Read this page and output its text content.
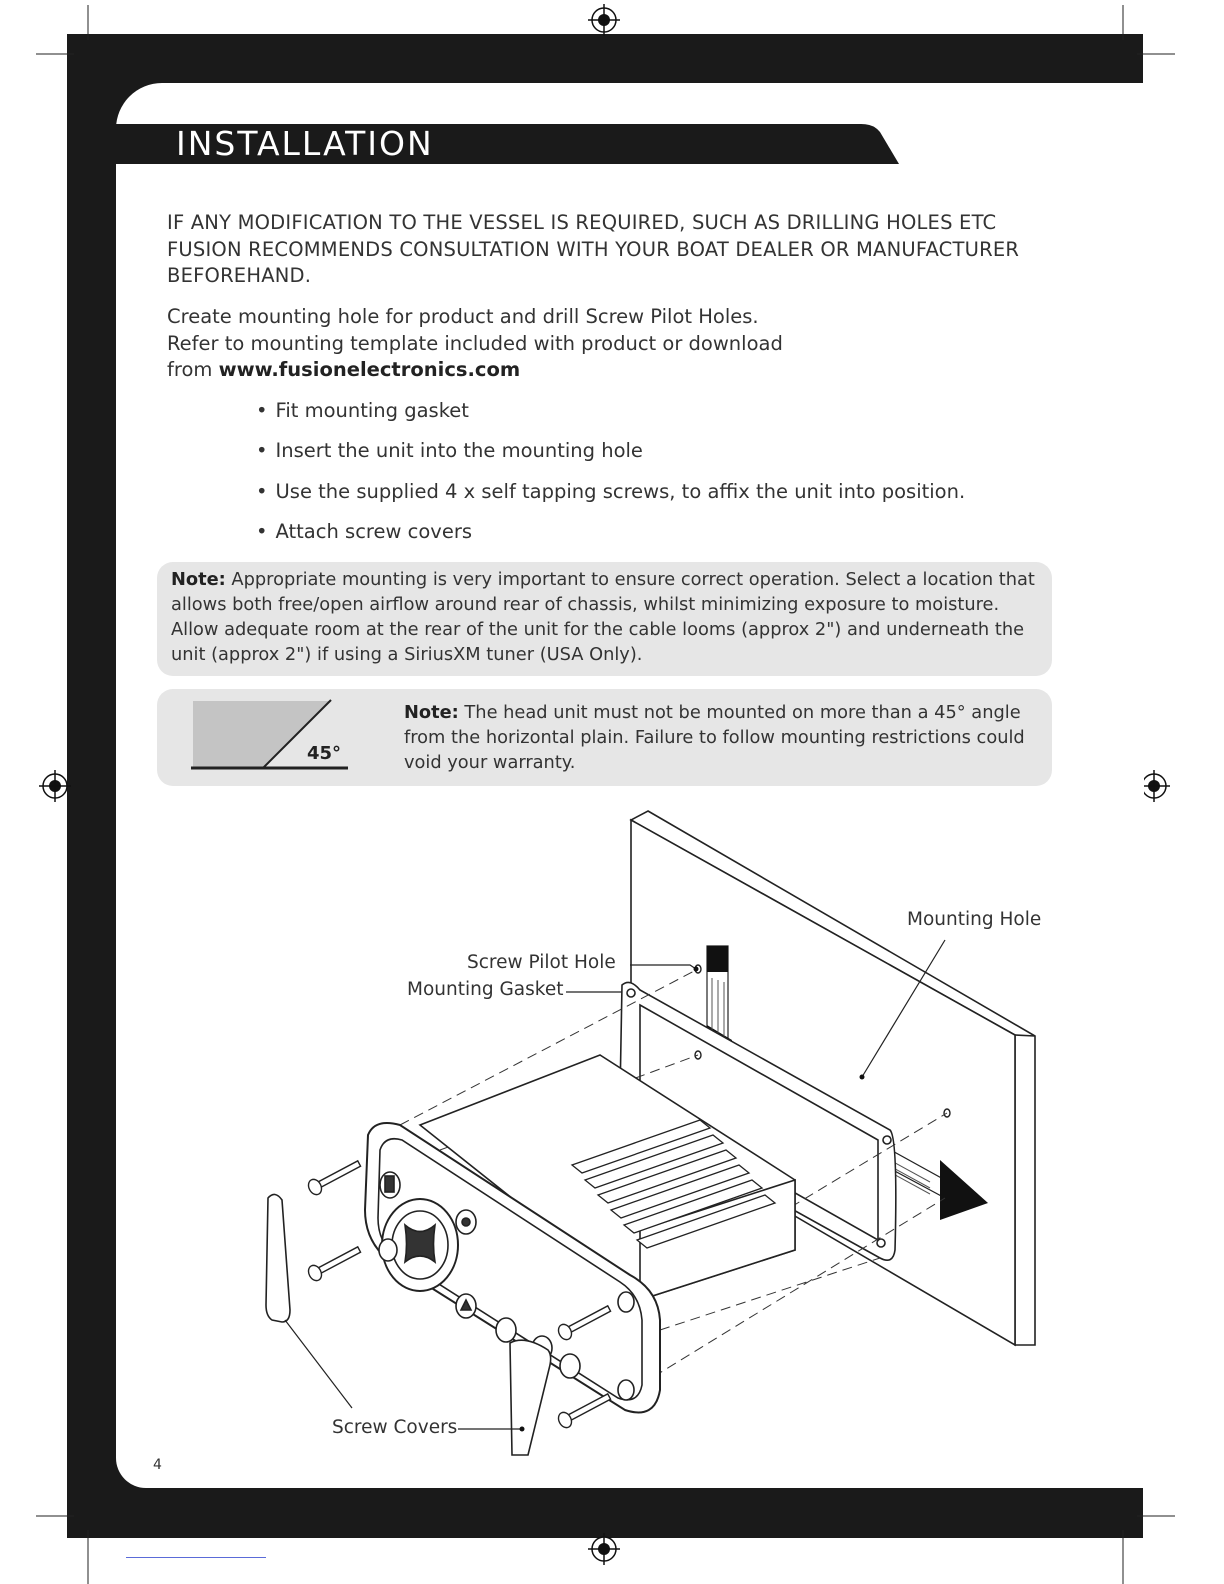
INSTALLATION
IF ANY MODIFICATION TO THE VESSEL IS REQUIRED, SUCH AS DRILLING HOLES ETC FUSION RECOMMENDS CONSULTATION WITH YOUR BOAT DEALER OR MANUFACTURER BEFOREHAND.
Create mounting hole for product and drill Screw Pilot Holes.
Refer to mounting template included with product or download
from www.fusionelectronics.com
• Fit mounting gasket
• Insert the unit into the mounting hole
• Use the supplied 4 x self tapping screws, to affix the unit into position.
• Attach screw covers
Note: Appropriate mounting is very important to ensure correct operation. Select a location that allows both free/open airflow around rear of chassis, whilst minimizing exposure to moisture. Allow adequate room at the rear of the unit for the cable looms (approx 2") and underneath the unit (approx 2") if using a SiriusXM tuner (USA Only).
45°
Note: The head unit must not be mounted on more than a 45° angle from the horizontal plain. Failure to follow mounting restrictions could void your warranty.
Mounting Hole
Screw Pilot Hole
Mounting Gasket
Screw Covers
4
